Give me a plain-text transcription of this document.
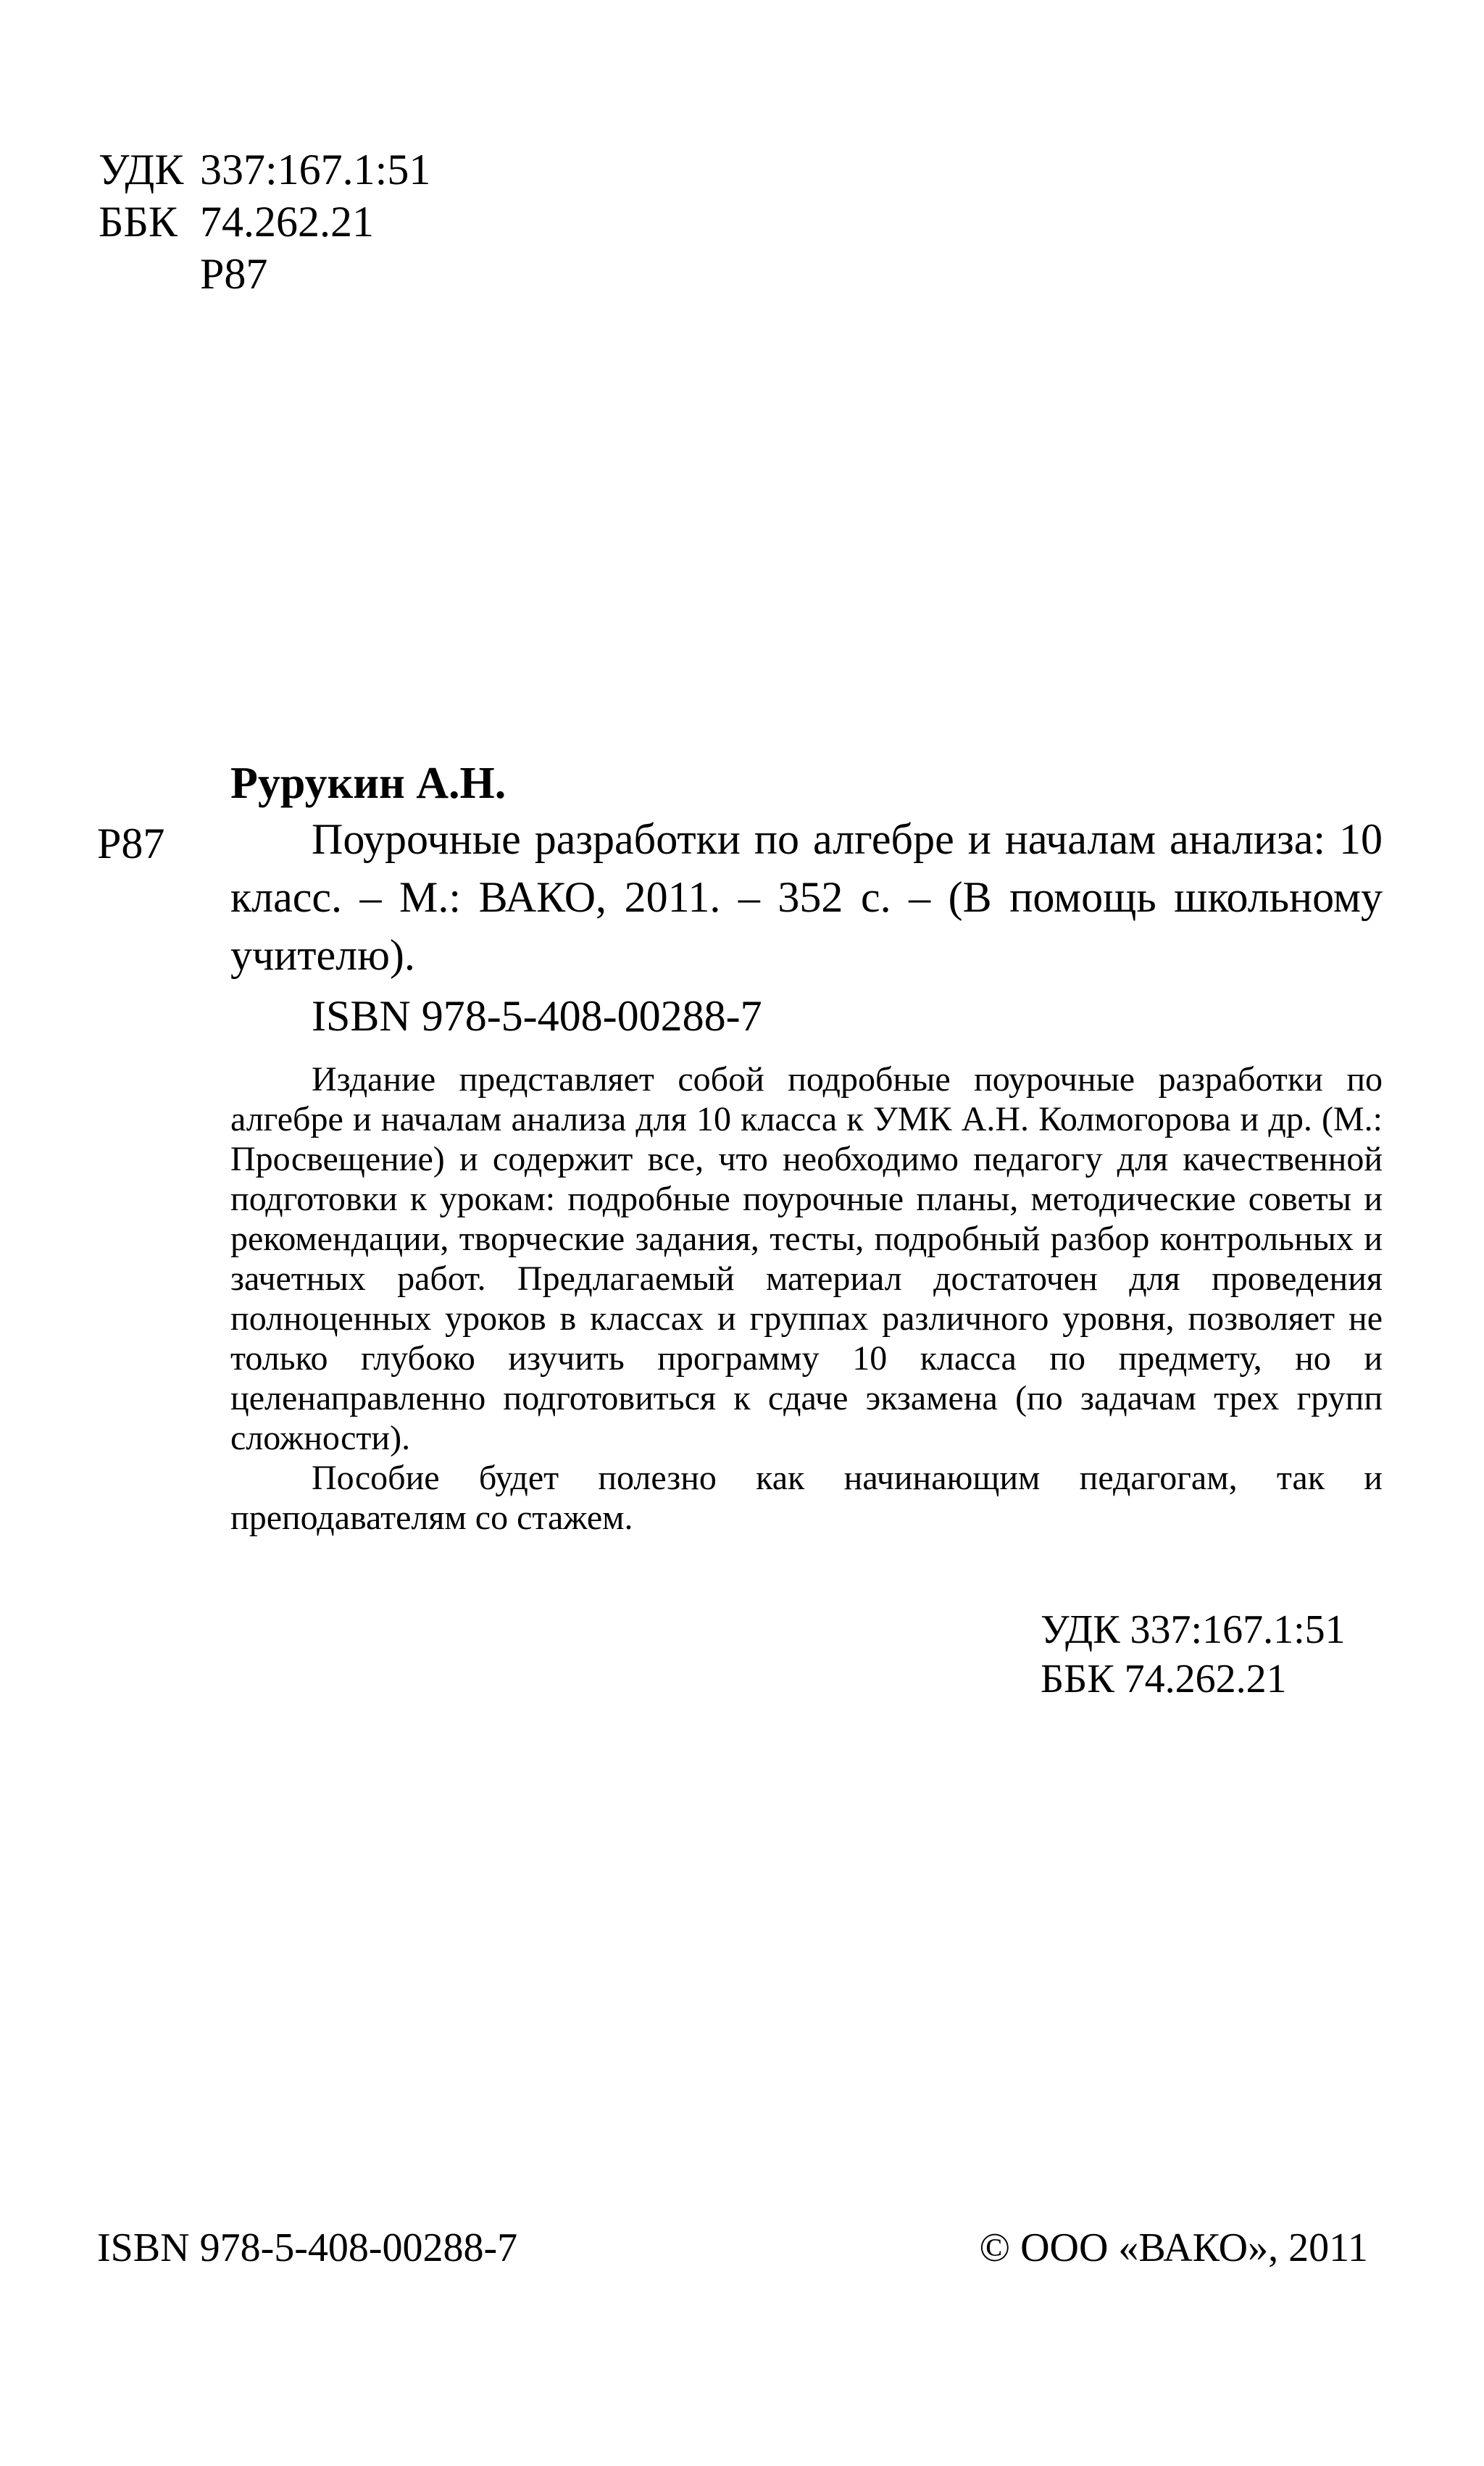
УДК 337:167.1:51
ББК 74.262.21
Р87
Рурукин А.Н.
Р87	Поурочные разработки по алгебре и началам анализа: 10 класс. – М.: ВАКО, 2011. – 352 с. – (В помощь школьному учителю).
ISBN 978-5-408-00288-7

Издание представляет собой подробные поурочные разработки по алгебре и началам анализа для 10 класса к УМК А.Н. Колмогорова и др. (М.: Просвещение) и содержит все, что необходимо педагогу для качественной подготовки к урокам: подробные поурочные планы, методические советы и рекомендации, творческие задания, тесты, подробный разбор контрольных и зачетных работ. Предлагаемый материал достаточен для проведения полноценных уроков в классах и группах различного уровня, позволяет не только глубоко изучить программу 10 класса по предмету, но и целенаправленно подготовиться к сдаче экзамена (по задачам трех групп сложности).

Пособие будет полезно как начинающим педагогам, так и преподавателям со стажем.

УДК 337:167.1:51
ББК 74.262.21
ISBN 978-5-408-00288-7	© ООО «ВАКО», 2011
